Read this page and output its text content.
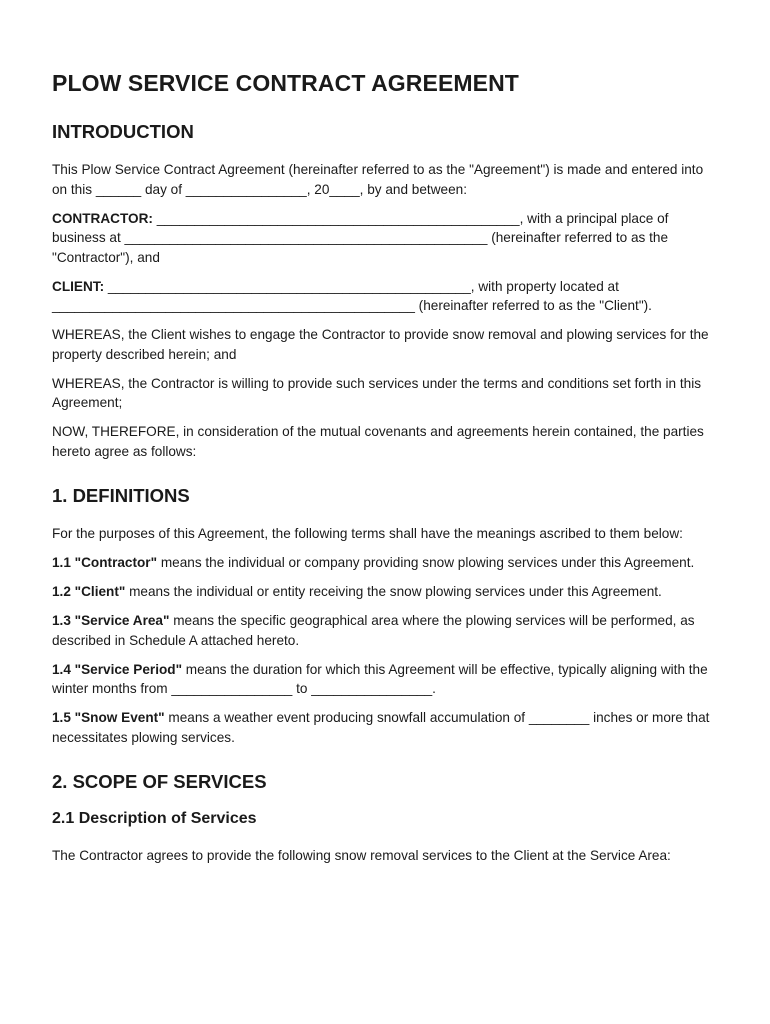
PLOW SERVICE CONTRACT AGREEMENT
INTRODUCTION

This Plow Service Contract Agreement (hereinafter referred to as the "Agreement") is made and entered into on this ______ day of ________________, 20____, by and between:

CONTRACTOR: ________________________________________________, with a principal place of business at ________________________________________________ (hereinafter referred to as the "Contractor"), and

CLIENT: ________________________________________________, with property located at ________________________________________________ (hereinafter referred to as the "Client").

WHEREAS, the Client wishes to engage the Contractor to provide snow removal and plowing services for the property described herein; and

WHEREAS, the Contractor is willing to provide such services under the terms and conditions set forth in this Agreement;

NOW, THEREFORE, in consideration of the mutual covenants and agreements herein contained, the parties hereto agree as follows:

1. DEFINITIONS

For the purposes of this Agreement, the following terms shall have the meanings ascribed to them below:

1.1 "Contractor" means the individual or company providing snow plowing services under this Agreement.

1.2 "Client" means the individual or entity receiving the snow plowing services under this Agreement.

1.3 "Service Area" means the specific geographical area where the plowing services will be performed, as described in Schedule A attached hereto.

1.4 "Service Period" means the duration for which this Agreement will be effective, typically aligning with the winter months from ________________ to ________________.

1.5 "Snow Event" means a weather event producing snowfall accumulation of ________ inches or more that necessitates plowing services.

2. SCOPE OF SERVICES
2.1 Description of Services

The Contractor agrees to provide the following snow removal services to the Client at the Service Area:
